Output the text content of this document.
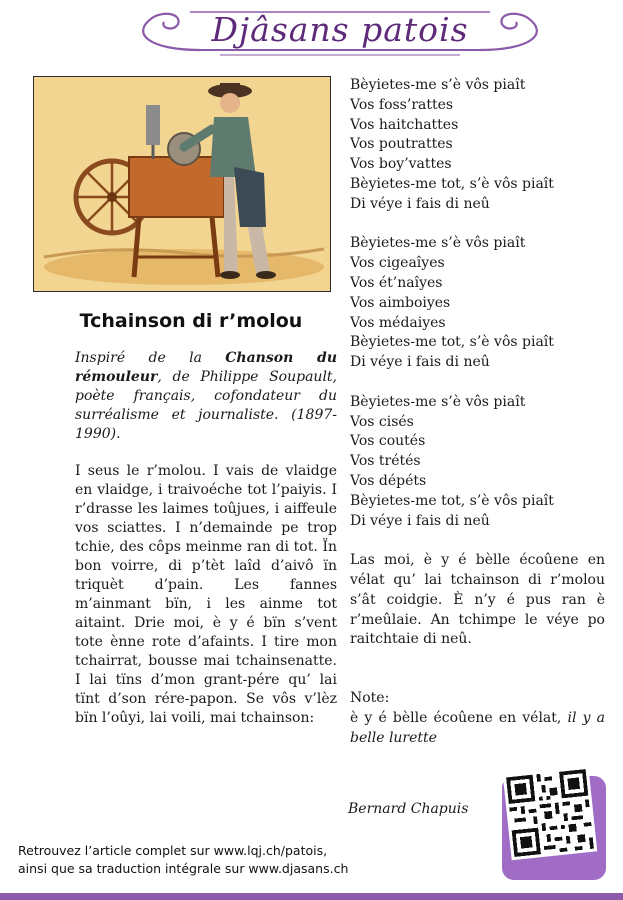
Djâsans patois
Tchainson di r’molou

Inspiré de la Chanson du rémouleur, de Philippe Soupault, poète français, cofondateur du surréalisme et journaliste. (1897-1990).

I seus le r’molou. I vais de vlaidge en vlaidge, i traivoéche tot l’paiyis. I r’drasse les laimes toûjues, i aiffeule vos sciattes. I n’demainde pe trop tchie, des côps meinme ran di tot. Ïn bon voirre, di p’tèt laîd d’aivô ïn triquèt d’pain. Les fannes m’ainmant bïn, i les ainme tot aitaint. Drie moi, è y é bïn s’vent tote ènne rote d’afaints. I tire mon tchairrat, bousse mai tchainsenatte. I lai tïns d’mon grant-pére qu’ lai tïnt d’son rére-papon. Se vôs v’lèz bïn l’oûyi, lai voili, mai tchainson:

Bèyietes-me s’è vôs piaît
Vos foss’rattes
Vos haitchattes
Vos poutrattes
Vos boy’vattes
Bèyietes-me tot, s’è vôs piaît
Di véye i fais di neû
Bèyietes-me s’è vôs piaît
Vos cigeaîyes
Vos ét’naîyes
Vos aimboiyes
Vos médaiyes
Bèyietes-me tot, s’è vôs piaît
Di véye i fais di neû
Bèyietes-me s’è vôs piaît
Vos cisés
Vos coutés
Vos trétés
Vos dépéts
Bèyietes-me tot, s’è vôs piaît
Di véye i fais di neû

Las moi, è y é bèlle écoûene en vélat qu’ lai tchainson di r’molou s’ât coidgie. È n’y é pus ran è r’meûlaie. An tchimpe le véye po raitchtaie di neû.

Note:

è y é bèlle écoûene en vélat, il y a belle lurette

Bernard Chapuis
Retrouvez l’article complet sur www.lqj.ch/patois,
ainsi que sa traduction intégrale sur www.djasans.ch
